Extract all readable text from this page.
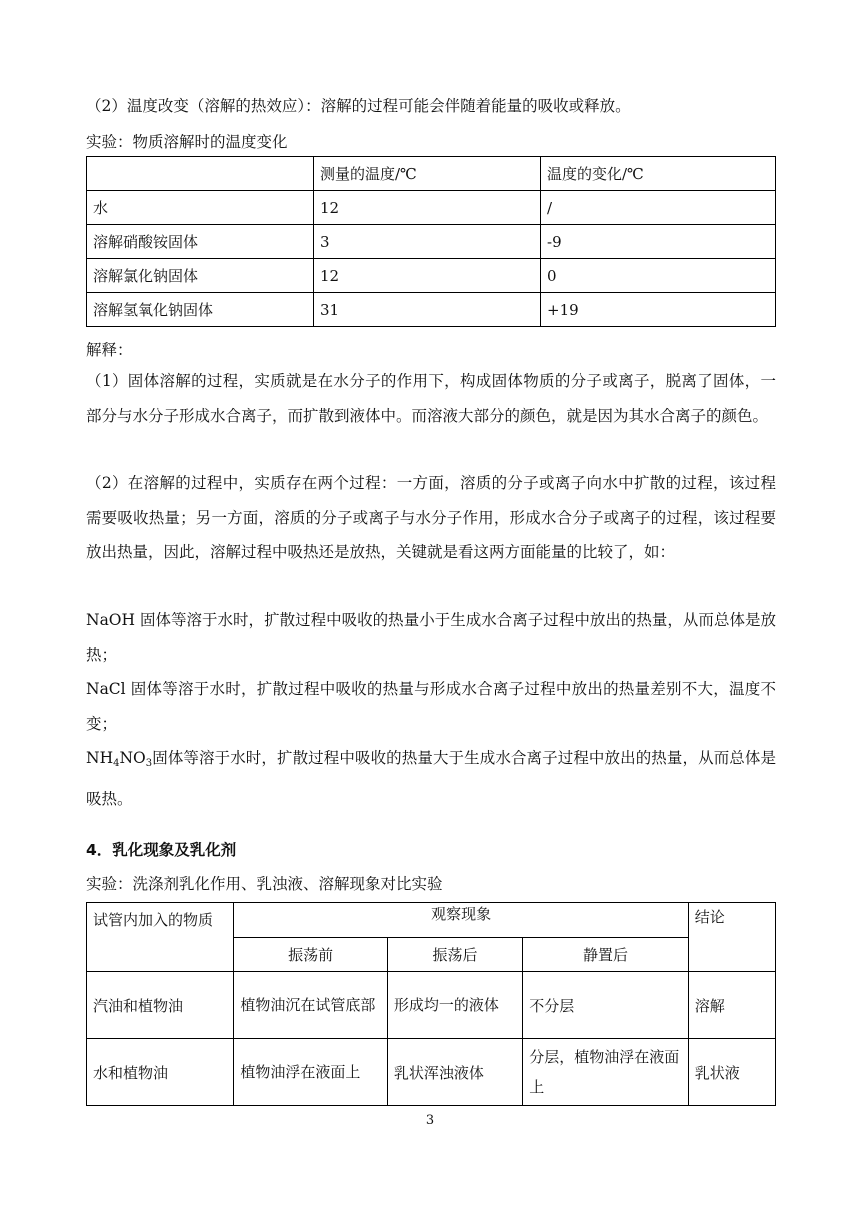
（2）温度改变（溶解的热效应）：溶解的过程可能会伴随着能量的吸收或释放。
实验：物质溶解时的温度变化
	测量的温度/℃	温度的变化/℃
水	12	/
溶解硝酸铵固体	3	-9
溶解氯化钠固体	12	0
溶解氢氧化钠固体	31	+19
解释：
（1）固体溶解的过程，实质就是在水分子的作用下，构成固体物质的分子或离子，脱离了固体，一部分与水分子形成水合离子，而扩散到液体中。而溶液大部分的颜色，就是因为其水合离子的颜色。
（2）在溶解的过程中，实质存在两个过程：一方面，溶质的分子或离子向水中扩散的过程，该过程需要吸收热量；另一方面，溶质的分子或离子与水分子作用，形成水合分子或离子的过程，该过程要放出热量，因此，溶解过程中吸热还是放热，关键就是看这两方面能量的比较了，如：
NaOH 固体等溶于水时，扩散过程中吸收的热量小于生成水合离子过程中放出的热量，从而总体是放热；
NaCl 固体等溶于水时，扩散过程中吸收的热量与形成水合离子过程中放出的热量差别不大，温度不变；
$NH_4NO_3$固体等溶于水时，扩散过程中吸收的热量大于生成水合离子过程中放出的热量，从而总体是吸热。
4．乳化现象及乳化剂
实验：洗涤剂乳化作用、乳浊液、溶解现象对比实验
试管内加入的物质	观察现象			结论
	振荡前	振荡后	静置后	
汽油和植物油	植物油沉在试管底部	形成均一的液体	不分层	溶解
水和植物油	植物油浮在液面上	乳状浑浊液体	分层，植物油浮在液面上	乳状液
3
